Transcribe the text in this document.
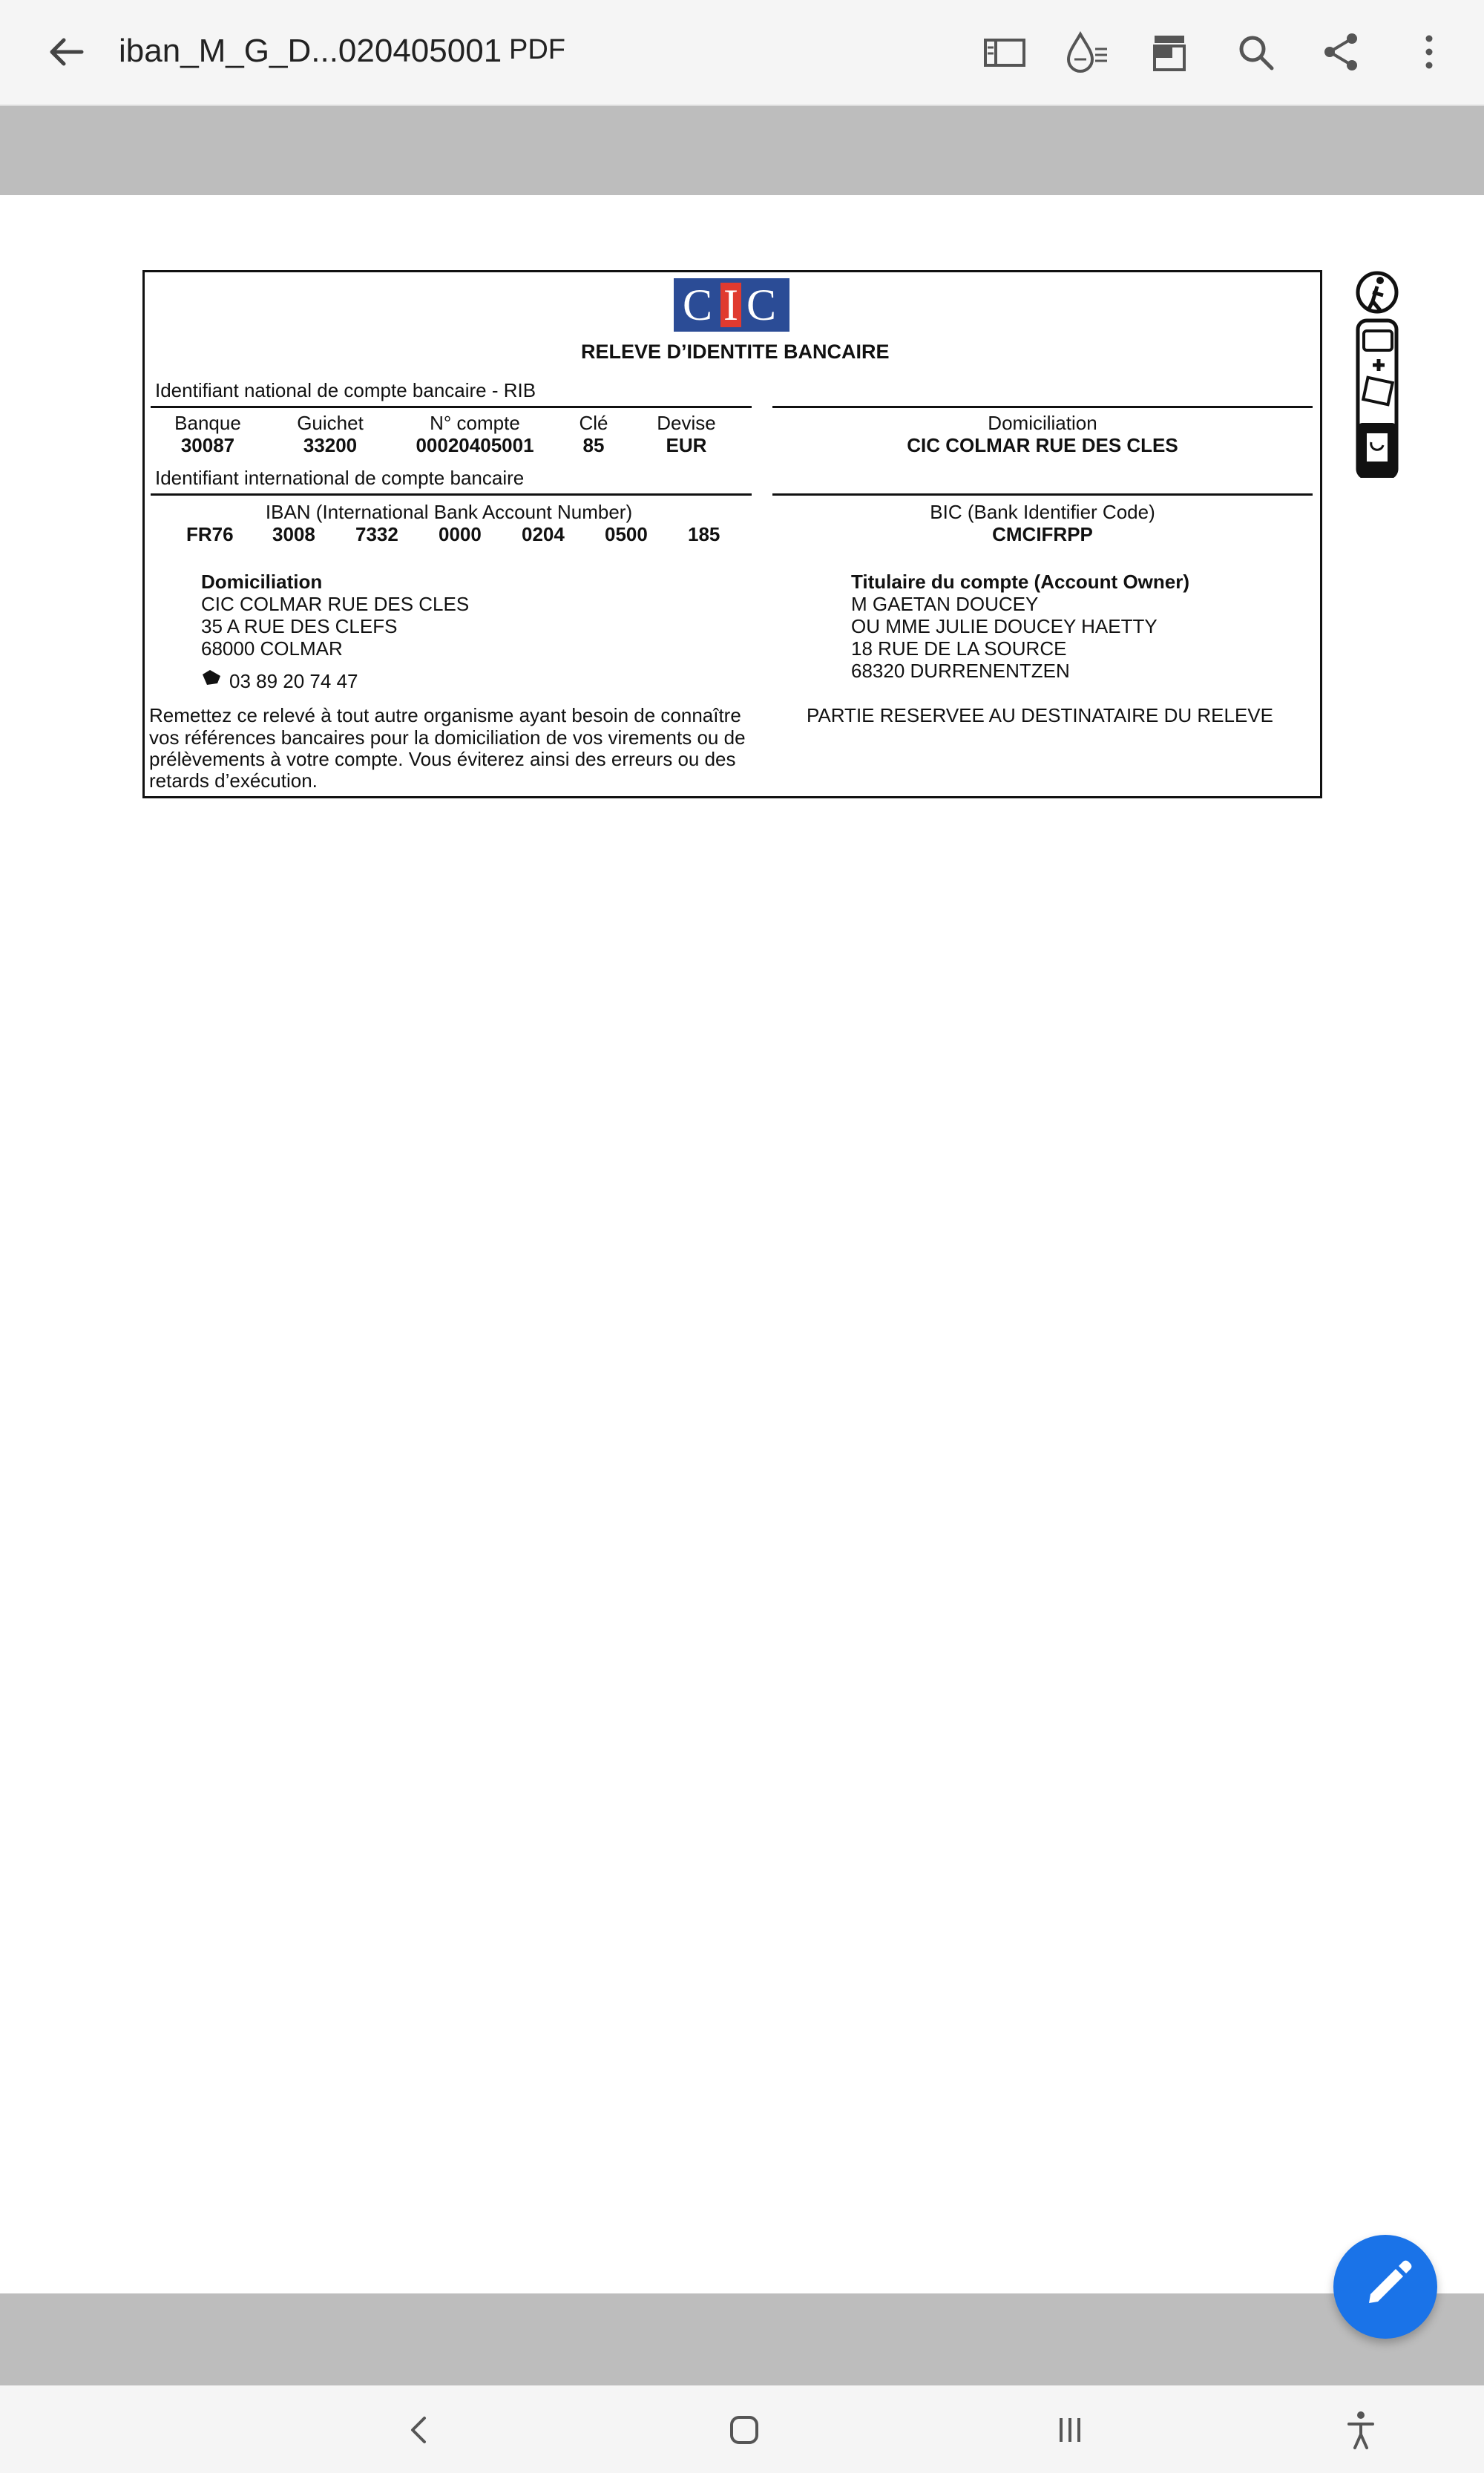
iban_M_G_D...020405001 PDF
C I C
RELEVE D’IDENTITE BANCAIRE
Identifiant national de compte bancaire - RIB
Banque	Guichet	N° compte	Clé	Devise
30087	33200	00020405001	85	EUR
Domiciliation
CIC COLMAR RUE DES CLES
Identifiant international de compte bancaire
IBAN (International Bank Account Number)
FR76 3008 7332 0000 0204 0500 185
BIC (Bank Identifier Code)
CMCIFRPP
Domiciliation
CIC COLMAR RUE DES CLES
35 A RUE DES CLEFS
68000 COLMAR
03 89 20 74 47
Titulaire du compte (Account Owner)
M GAETAN DOUCEY
OU MME JULIE DOUCEY HAETTY
18 RUE DE LA SOURCE
68320 DURRENENTZEN
Remettez ce relevé à tout autre organisme ayant besoin de connaître
vos références bancaires pour la domiciliation de vos virements ou de
prélèvements à votre compte. Vous éviterez ainsi des erreurs ou des
retards d’exécution.
PARTIE RESERVEE AU DESTINATAIRE DU RELEVE
